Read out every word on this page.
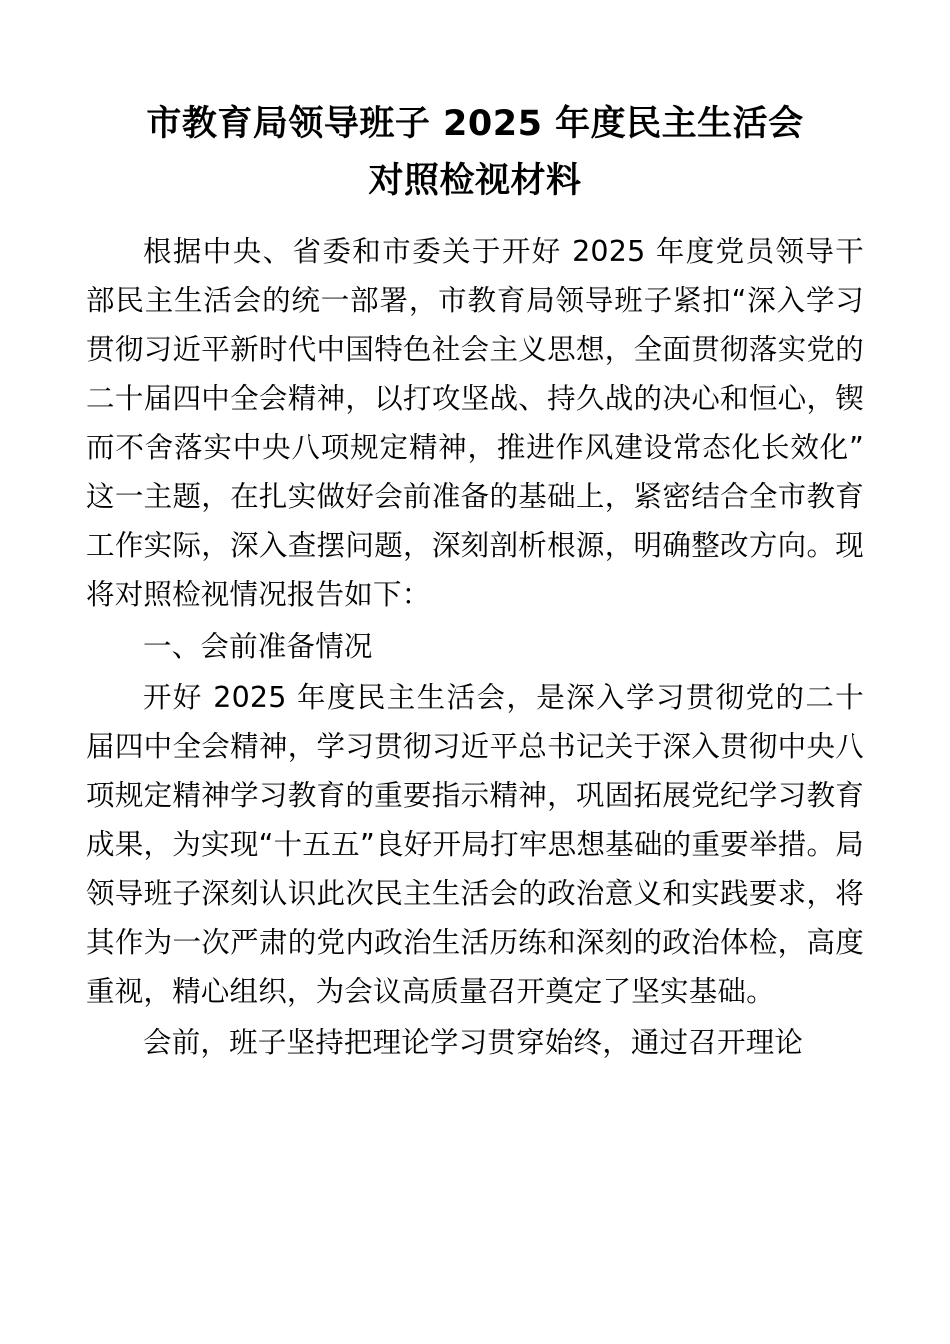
市教育局领导班子 2025 年度民主生活会
对照检视材料

根据中央、省委和市委关于开好 2025 年度党员领导干部民主生活会的统一部署，市教育局领导班子紧扣“深入学习贯彻习近平新时代中国特色社会主义思想，全面贯彻落实党的二十届四中全会精神，以打攻坚战、持久战的决心和恒心，锲而不舍落实中央八项规定精神，推进作风建设常态化长效化”这一主题，在扎实做好会前准备的基础上，紧密结合全市教育工作实际，深入查摆问题，深刻剖析根源，明确整改方向。现将对照检视情况报告如下：

一、会前准备情况

开好 2025 年度民主生活会，是深入学习贯彻党的二十届四中全会精神，学习贯彻习近平总书记关于深入贯彻中央八项规定精神学习教育的重要指示精神，巩固拓展党纪学习教育成果，为实现“十五五”良好开局打牢思想基础的重要举措。局领导班子深刻认识此次民主生活会的政治意义和实践要求，将其作为一次严肃的党内政治生活历练和深刻的政治体检，高度重视，精心组织，为会议高质量召开奠定了坚实基础。

会前，班子坚持把理论学习贯穿始终，通过召开理论
